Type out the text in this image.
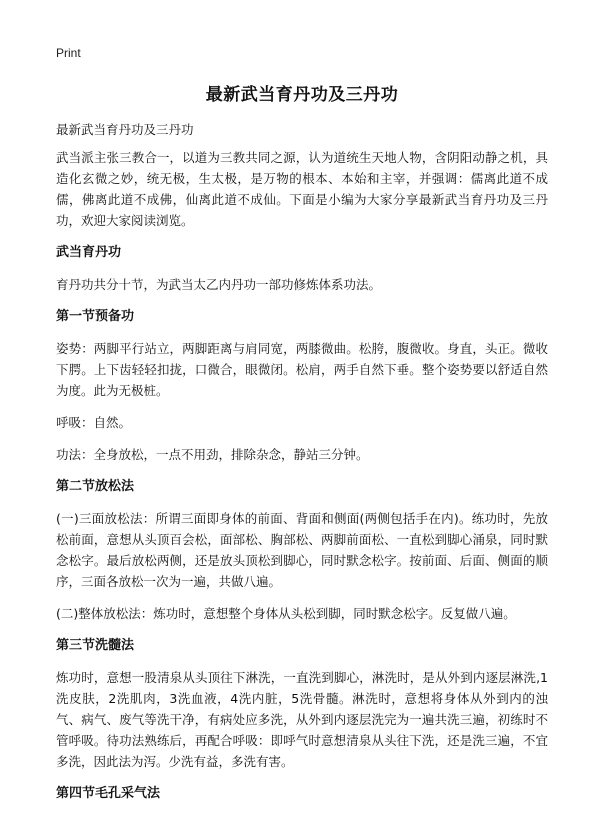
Print
最新武当育丹功及三丹功
最新武当育丹功及三丹功

武当派主张三教合一，以道为三教共同之源，认为道统生天地人物，含阴阳动静之机，具造化玄微之妙，统无极，生太极，是万物的根本、本始和主宰，并强调：儒离此道不成儒，佛离此道不成佛，仙离此道不成仙。下面是小编为大家分享最新武当育丹功及三丹功，欢迎大家阅读浏览。

武当育丹功

育丹功共分十节，为武当太乙内丹功一部功修炼体系功法。

第一节预备功

姿势：两脚平行站立，两脚距离与肩同宽，两膝微曲。松胯，腹微收。身直，头正。微收下腭。上下齿轻轻扣拢，口微合，眼微闭。松肩，两手自然下垂。整个姿势要以舒适自然为度。此为无极桩。

呼吸：自然。

功法：全身放松，一点不用劲，排除杂念，静站三分钟。

第二节放松法

(一)三面放松法：所谓三面即身体的前面、背面和侧面(两侧包括手在内)。练功时，先放松前面，意想从头顶百会松，面部松、胸部松、两脚前面松、一直松到脚心涌泉，同时默念松字。最后放松两侧，还是放头顶松到脚心，同时默念松字。按前面、后面、侧面的顺序，三面各放松一次为一遍，共做八遍。

(二)整体放松法：炼功时，意想整个身体从头松到脚，同时默念松字。反复做八遍。

第三节洗髓法

炼功时，意想一股清泉从头顶往下淋洗，一直洗到脚心，淋洗时，是从外到内逐层淋洗,1洗皮肤，2洗肌肉，3洗血液，4洗内脏，5洗骨髓。淋洗时，意想将身体从外到内的浊气、病气、废气等洗干净，有病处应多洗，从外到内逐层洗完为一遍共洗三遍，初练时不管呼吸。待功法熟练后，再配合呼吸：即呼气时意想清泉从头往下洗，还是洗三遍，不宜多洗，因此法为泻。少洗有益，多洗有害。

第四节毛孔采气法
